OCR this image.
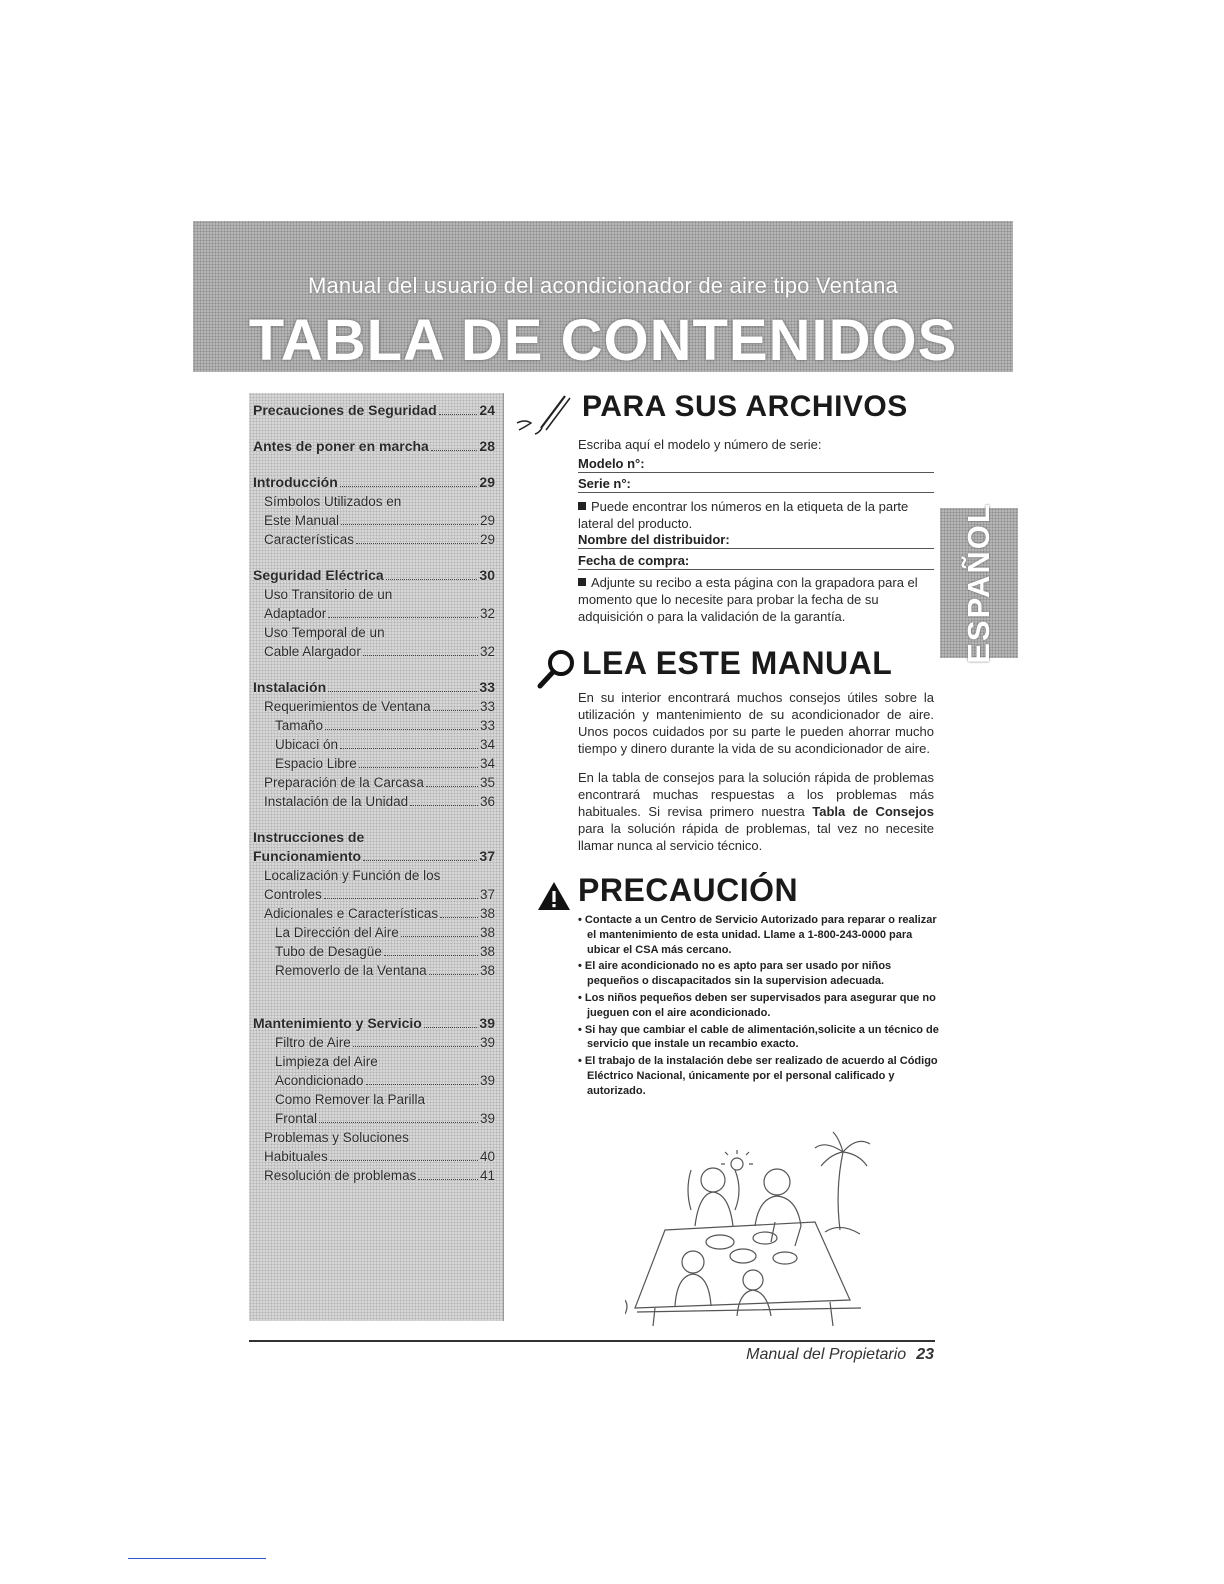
Manual del usuario del acondicionador de aire tipo Ventana
TABLA DE CONTENIDOS
Precauciones de Seguridad	24
Antes de poner en marcha	28
Introducción	29
Símbolos Utilizados en
Este Manual	29
Características	29
Seguridad Eléctrica	30
Uso Transitorio de un
Adaptador	32
Uso Temporal de un
Cable Alargador	32
Instalación	33
Requerimientos de Ventana	33
Tamaño	33
Ubicaci ón	34
Espacio Libre	34
Preparación de la Carcasa	35
Instalación de la Unidad	36
Instrucciones de
Funcionamiento	37
Localización y Función de los
Controles	37
Adicionales e Características	38
La Dirección del Aire	38
Tubo de Desagüe	38
Removerlo de la Ventana	38
Mantenimiento y Servicio	39
Filtro de Aire	39
Limpieza del Aire
Acondicionado	39
Como Remover la Parilla
Frontal	39
Problemas y Soluciones
Habituales	40
Resolución de problemas	41
ESPAÑOL
PARA SUS ARCHIVOS
Escriba aquí el modelo y número de serie:
Modelo n°:
Serie n°:
Puede encontrar los números en la etiqueta de la parte lateral del producto.
Nombre del distribuidor:
Fecha de compra:
Adjunte su recibo a esta página con la grapadora para el momento que lo necesite para probar la fecha de su adquisición o para la validación de la garantía.
LEA ESTE MANUAL
En su interior encontrará muchos consejos útiles sobre la utilización y mantenimiento de su acondicionador de aire. Unos pocos cuidados por su parte le pueden ahorrar mucho tiempo y dinero durante la vida de su acondicionador de aire.
En la tabla de consejos para la solución rápida de problemas encontrará muchas respuestas a los problemas más habituales. Si revisa primero nuestra Tabla de Consejos para la solución rápida de problemas, tal vez no necesite llamar nunca al servicio técnico.
PRECAUCIÓN
• Contacte a un Centro de Servicio Autorizado para reparar o realizar el mantenimiento de esta unidad. Llame a 1-800-243-0000 para ubicar el CSA más cercano.
• El aire acondicionado no es apto para ser usado por niños pequeños o discapacitados sin la supervision adecuada.
• Los niños pequeños deben ser supervisados para asegurar que no jueguen con el aire acondicionado.
• Si hay que cambiar el cable de alimentación,solicite a un técnico de servicio que instale un recambio exacto.
• El trabajo de la instalación debe ser realizado de acuerdo al Código Eléctrico Nacional, únicamente por el personal calificado y autorizado.
Manual del Propietario 23
